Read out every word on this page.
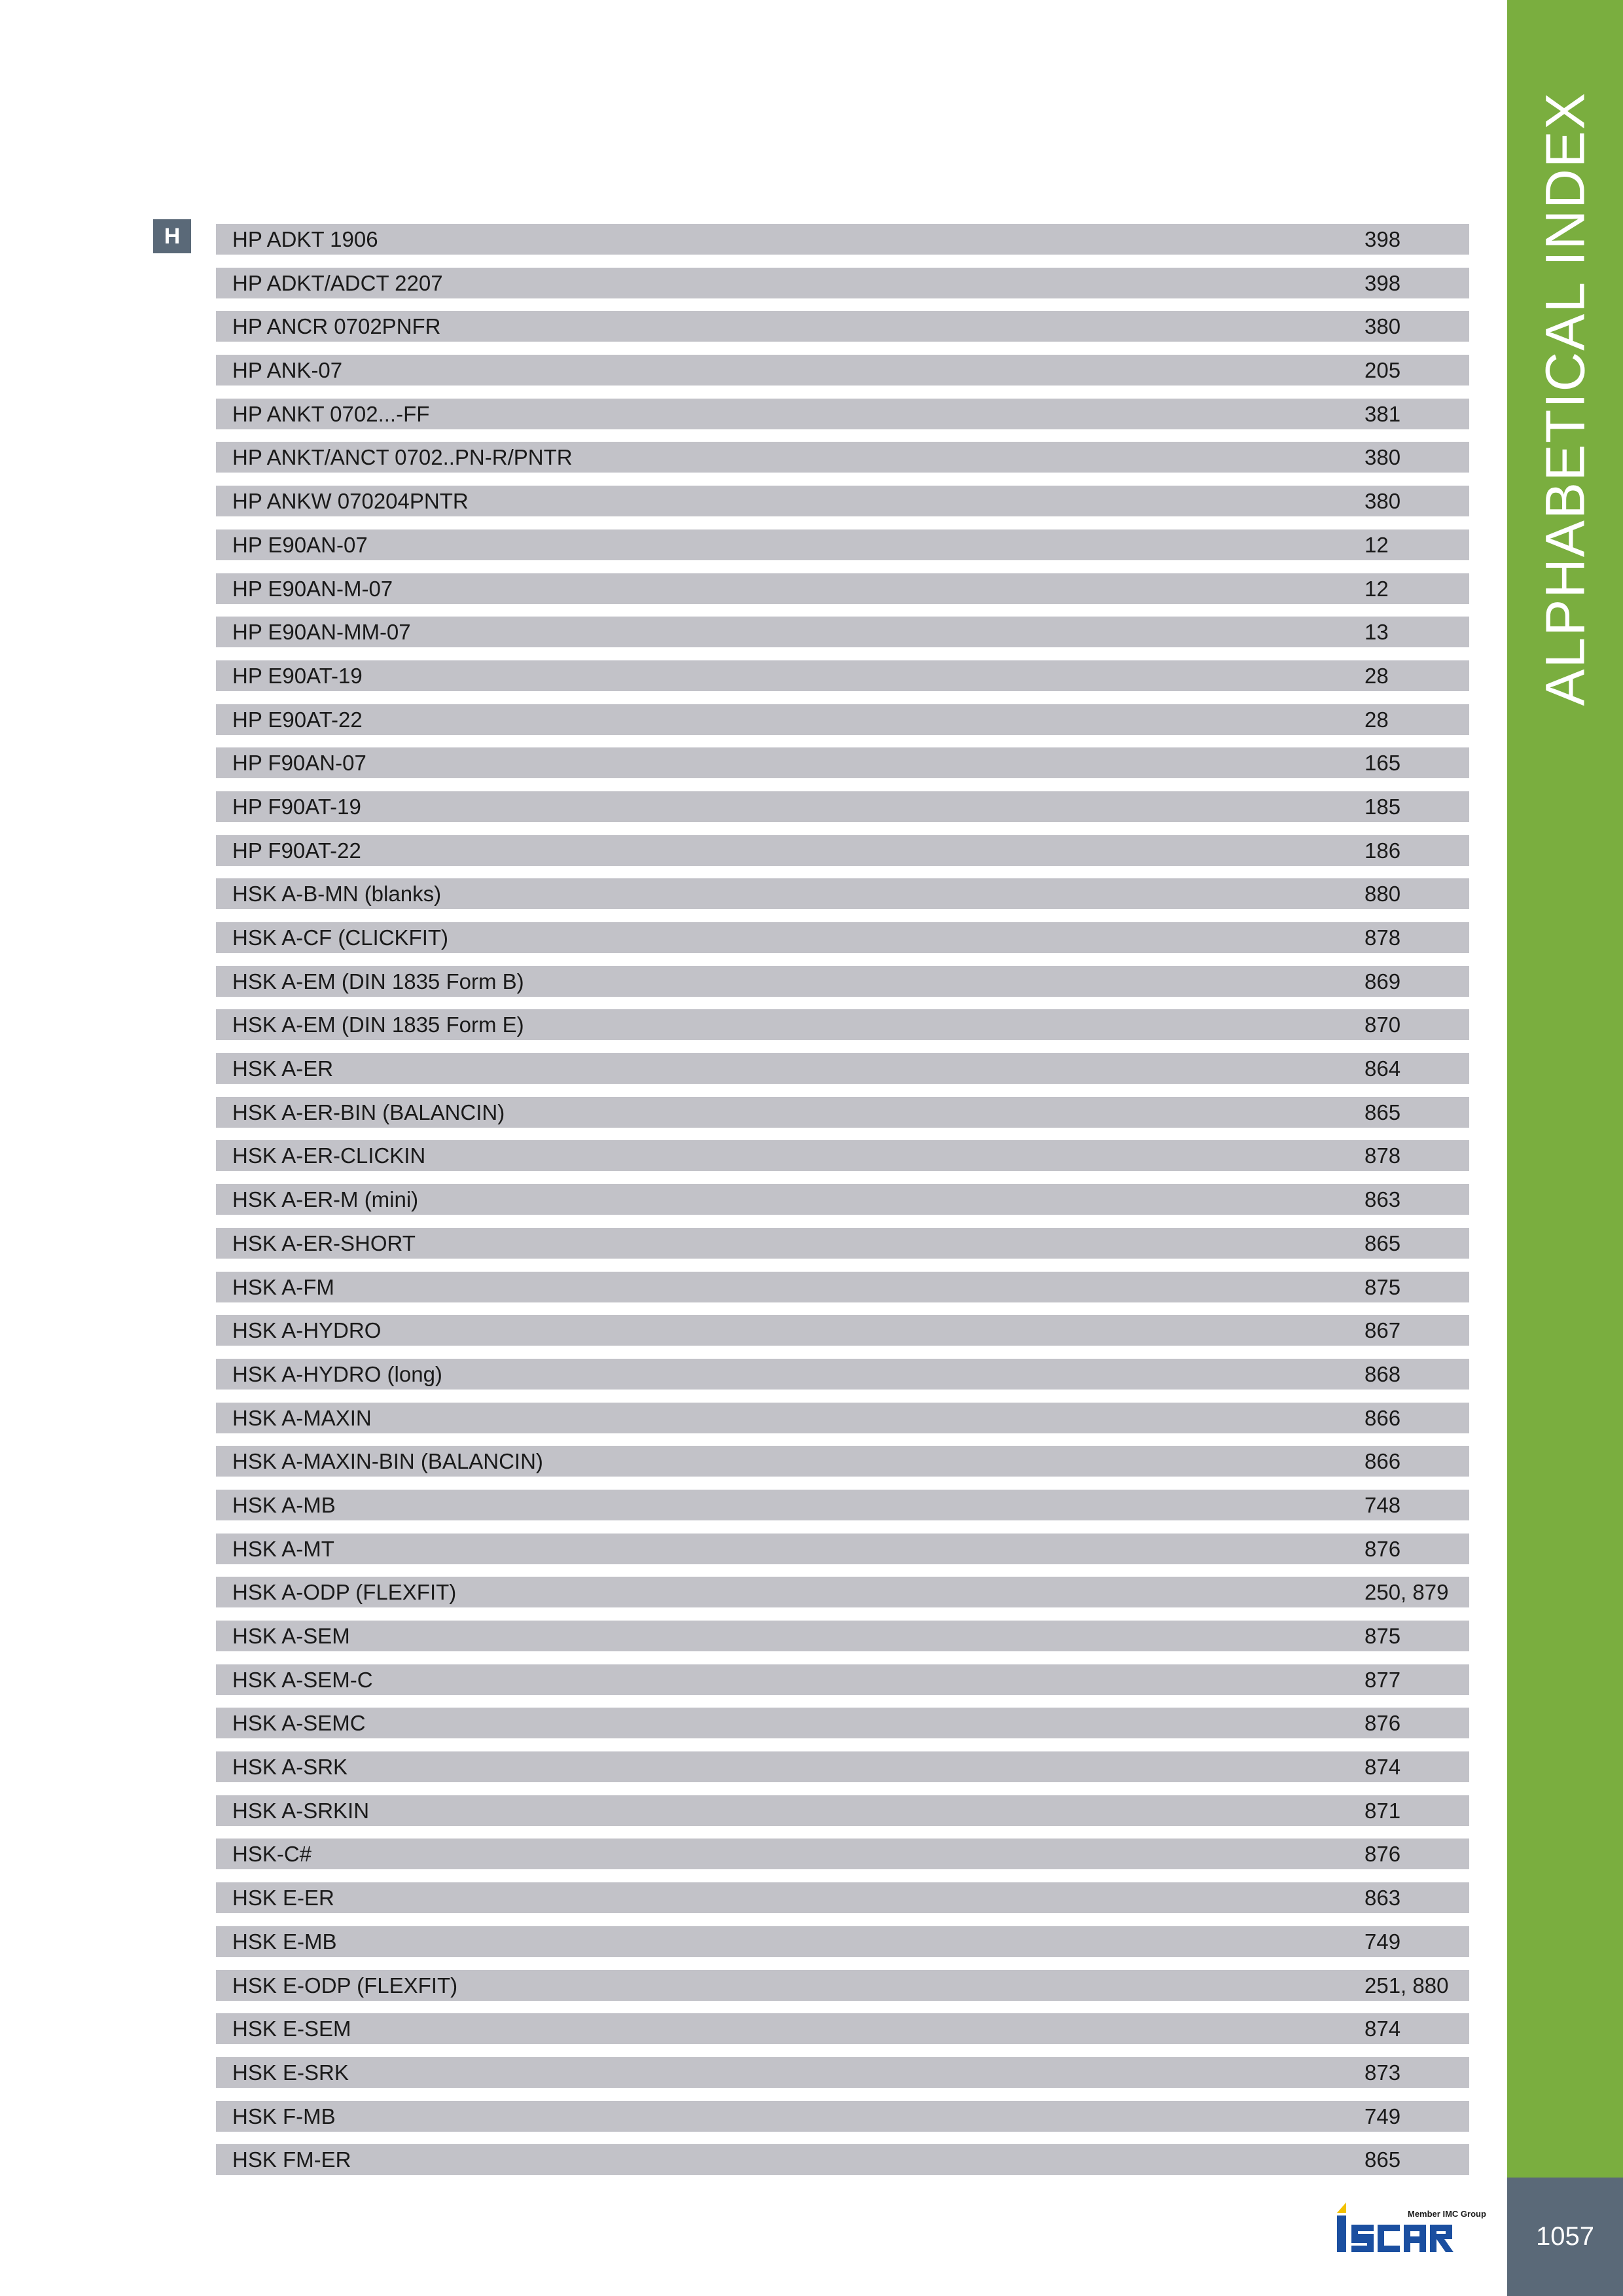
ALPHABETICAL INDEX
H	HP ADKT 1906	398
HP ADKT/ADCT 2207	398
HP ANCR 0702PNFR	380
HP ANK-07	205
HP ANKT 0702...-FF	381
HP ANKT/ANCT 0702..PN-R/PNTR	380
HP ANKW 070204PNTR	380
HP E90AN-07	12
HP E90AN-M-07	12
HP E90AN-MM-07	13
HP E90AT-19	28
HP E90AT-22	28
HP F90AN-07	165
HP F90AT-19	185
HP F90AT-22	186
HSK A-B-MN (blanks)	880
HSK A-CF (CLICKFIT)	878
HSK A-EM (DIN 1835 Form B)	869
HSK A-EM (DIN 1835 Form E)	870
HSK A-ER	864
HSK A-ER-BIN (BALANCIN)	865
HSK A-ER-CLICKIN	878
HSK A-ER-M (mini)	863
HSK A-ER-SHORT	865
HSK A-FM	875
HSK A-HYDRO	867
HSK A-HYDRO (long)	868
HSK A-MAXIN	866
HSK A-MAXIN-BIN (BALANCIN)	866
HSK A-MB	748
HSK A-MT	876
HSK A-ODP (FLEXFIT)	250, 879
HSK A-SEM	875
HSK A-SEM-C	877
HSK A-SEMC	876
HSK A-SRK	874
HSK A-SRKIN	871
HSK-C#	876
HSK E-ER	863
HSK E-MB	749
HSK E-ODP (FLEXFIT)	251, 880
HSK E-SEM	874
HSK E-SRK	873
HSK F-MB	749
HSK FM-ER	865
Member IMC Group
1057
